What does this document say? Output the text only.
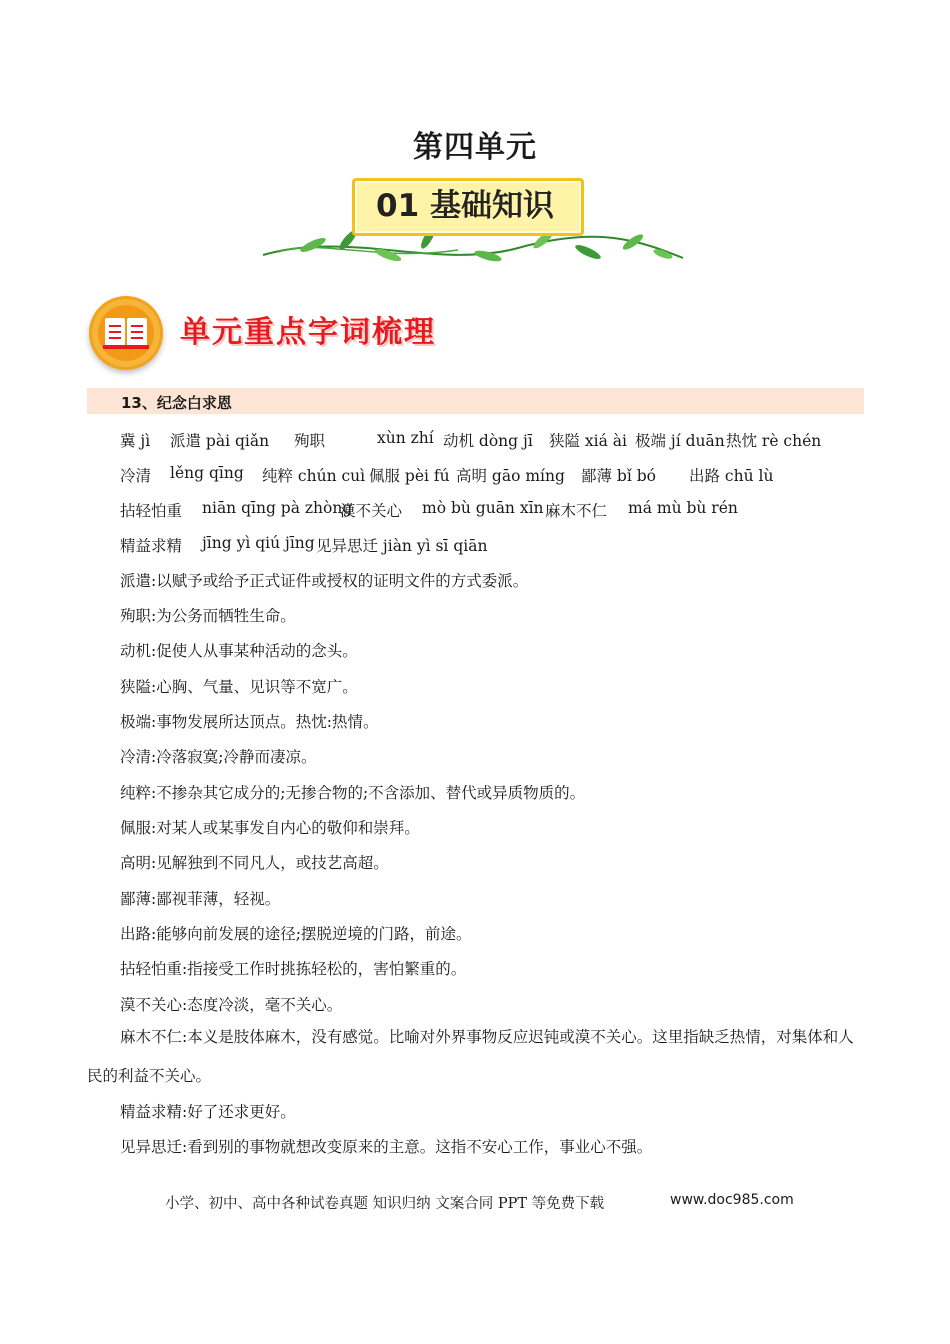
第四单元
01 基础知识
单元重点字词梳理
13、纪念白求恩
冀 jì 派遣 pài qiǎn 殉职	xùn zhí 动机 dòng jī 狭隘 xiá ài 极端 jí duān 热忱 rè chén
冷清 lěng qīng 纯粹 chún cuì 佩服 pèi fú 高明 gāo míng 鄙薄 bǐ bó 出路 chū lù
拈轻怕重 niān qīng pà zhòng
漠不关心 mò bù guān xīn 麻木不仁 má mù bù rén
精益求精 jīng yì qiú jīng 见异思迁 jiàn yì sī qiān
派遣:以赋予或给予正式证件或授权的证明文件的方式委派。
殉职:为公务而牺牲生命。
动机:促使人从事某种活动的念头。
狭隘:心胸、气量、见识等不宽广。
极端:事物发展所达顶点。热忱:热情。
冷清:冷落寂寞;冷静而凄凉。
纯粹:不掺杂其它成分的;无掺合物的;不含添加、替代或异质物质的。
佩服:对某人或某事发自内心的敬仰和崇拜。
高明:见解独到不同凡人，或技艺高超。
鄙薄:鄙视菲薄，轻视。
出路:能够向前发展的途径;摆脱逆境的门路，前途。
拈轻怕重:指接受工作时挑拣轻松的，害怕繁重的。
漠不关心:态度冷淡，毫不关心。
麻木不仁:本义是肢体麻木，没有感觉。比喻对外界事物反应迟钝或漠不关心。这里指缺乏热情，对集体和人民的利益不关心。
精益求精:好了还求更好。
见异思迁:看到别的事物就想改变原来的主意。这指不安心工作，事业心不强。
小学、初中、高中各种试卷真题 知识归纳 文案合同 PPT 等免费下载	www.doc985.com
